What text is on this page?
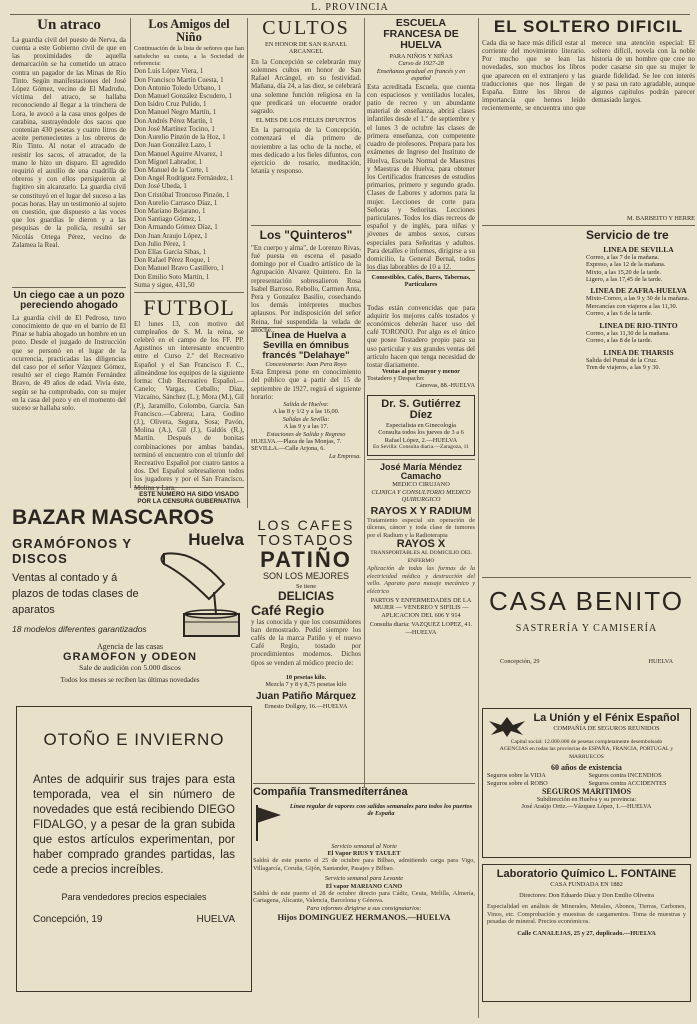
L. PROVINCIA
Un atraco
La guardia civil del puesto de Nerva, da cuenta a este Gobierno civil de que en las proximidades de aquella demarcación se ha cometido un atraco contra un pagador de las Minas de Río Tinto. Según manifestaciones del José López Gómez, vecino de El Madroño, víctima del atraco, se hallaba reconociendo al llegar a la trinchera de Lora, le avocó a la casa unos golpes de carabina, sustrayéndole dos sacos que contenían 430 pesetas y cuatro litros de aceite pertenecientes a los obreros de Río Tinto. Al notar el atracado de resistir los sacos, el atracador, de la mano le hizo un disparo. El agredido requirió el auxilio de una cuadrilla de obreros y con ellos persiguieron al fugitivo sin alcanzarlo. La guardia civil se constituyó en el lugar del suceso a las pocas horas. Hay un testimonio al sujeto en cuestión, que dispuesto a las voces que los guardias le dieron y a las pesquisas de la policía, resultó ser Nicolás Ortega Pérez, vecino de Zalamea la Real.
Un ciego cae a un pozo pereciendo ahogado
La guardia civil de El Pedroso, tuvo conocimiento de que en el barrio de El Pinar se había ahogado un hombre en un pozo. Desde el juzgado de Instrucción que se personó en el lugar de la ocurrencia, practicadas las diligencias del caso por el señor Vázquez Gómez, resultó ser el ciego Ramón Fernández Bravo, de 49 años de edad. Vivía éste, según se ha comprobado, con su mujer en la casa del pozo y en el momento del suceso se hallaba solo.
Los Amigos del Niño
Continuación de la lista de señores que han satisfecho su cuota, a la Sociedad de referencia:
Don Luis López Viera, 1
Don Francisco Martín Cuesta, 1
Don Antonio Toledo Urbano, 1
Don Manuel González Escudero, 1
Don Isidro Cruz Pulido, 1
Don Manuel Negro Martín, 1
Don Andrés Pérez Martín, 1
Don José Martínez Tocino, 1
Don Aurelio Pinzón de la Hoz, 1
Don Juan González Lazo, 1
Don Manuel Aguirre Alvarez, 1
Don Miguel Labrador, 1
Don Manuel de la Corte, 1
Don Angel Rodríguez Fernández, 1
Don José Ubeda, 1
Don Cristóbal Troncoso Pinzón, 1
Don Aurelio Carrasco Díaz, 1
Don Mariano Bejarano, 1
Don Santiago Gómez, 1
Don Armando Gómez Díaz, 1
Don Juan Araujo López, 1
Don Julio Pérez, 1
Don Elías García Sibas, 1
Don Rafael Pérez Roque, 1
Don Manuel Bravo Castillero, 1
Don Emilio Soto Martín, 1
Suma y sigue, 431,50
FUTBOL
El lunes 13, con motivo del cumpleaños de S. M. la reina, se celebró en el campo de los FF. PP. Agustinos un interesante encuentro entre el Curso 2.º del Recreativo Español y el San Francisco F. C., alineándose los equipos de la siguiente forma: Club Recreativo Español.—Canelo; Vargas, Ceballo; Díaz, Vizcaíno, Sánchez (L.); Mora (M.), Gil (P.), Jaramillo, Colombo, García. San Francisco.—Cabrera; Lara, Godino (J.), Olivera, Segura, Sosa; Pavón, Molina (A.), Gil (J.), Galdós (R.), Martín. Después de bonitas combinaciones por ambas bandas, terminó el encuentro con el triunfo del Recreativo Español por cuatro tantos a dos. Del Español sobresalieron todos los jugadores y por el San Francisco, Molina y Lara.
ESTE NUMERO HA SIDO VISADO POR LA CENSURA GUBERNATIVA
BAZAR MASCAROS
Huelva
GRAMÓFONOS Y DISCOS
Ventas al contado y á plazos de todas clases de aparatos
18 modelos diferentes garantizados
Agencia de las casas
GRAMOFON y ODEON
Sale de audición con 5.000 discos
Todos los meses se reciben las últimas novedades
CULTOS
EN HONOR DE SAN RAFAEL ARCANGEL
En la Concepción se celebrarán muy solemnes cultos en honor de San Rafael Arcángel, en su festividad. Mañana, día 24, a las diez, se celebrará una solemne función religiosa en la que predicará un elocuente orador sagrado.
EL MES DE LOS FIELES DIFUNTOS
En la parroquia de la Concepción, comenzará el día primero de noviembre a las ocho de la noche, el mes dedicado a los fieles difuntos, con ejercicio de rosario, meditación, letanía y responso.
Los "Quinteros"
"En cuerpo y alma", de Lorenzo Rivas, fué puesta en escena el pasado domingo por el Cuadro artístico de la Agrupación Alvarez Quintero. En la representación sobresalieron Rosa Isabel Barroso, Rebollo, Carmen Anta, Pera y Gonzalez Basilio, cosechando los demás intérpretes muchos aplausos. Por indisposición del señor Reina, fué suspendida la velada de anoche.
Línea de Huelva a Sevilla en ómnibus francés "Delahaye"
Concesionario: Juan Pera Royo
Esta Empresa pone en conocimiento del público que a partir del 15 de septiembre de 1927, regirá el siguiente horario:
Salida de Huelva:
A las 8 y 1/2 y a las 16,00.
Salidas de Sevilla:
A las 9 y a las 17.
Estaciones de Salida y Regreso
HUELVA.—Plaza de las Monjas, 7.
SEVILLA.—Calle Arjona, 6.
La Empresa.
LOS CAFES
TOSTADOS
PATIÑO
SON LOS MEJORES
Se tiene
DELICIAS
Café Regio
y las conocida y que los consumidores han demostrado. Pedid siempre los cafés de la marca Patiño y el nuevo Café Regio, tostado por procedimientos modernos. Dichos tipos se venden al módico precio de:
10 pesetas kilo.
Mezcla 7 y 8 y 8,75 pesetas kilo
Juan Patiño Márquez
Ernesto Dollgny, 16.—HUELVA
ESCUELA FRANCESA DE HUELVA
PARA NIÑOS Y NIÑAS
Curso de 1927-28
Enseñanza gradual en francés y en español
Esta acreditada Escuela, que cuenta con espaciosos y ventilados locales, patio de recreo y un abundante material de enseñanza, abrirá clases infantiles desde el 1.º de septiembre y el lunes 3 de octubre las clases de primera enseñanza, con competente cuadro de profesores. Prepara para los exámenes de Ingreso del Instituto de Huelva, Escuela Normal de Maestros y Maestras de Huelva, para obtener los Certificados franceses de estudios primarios, primero y segundo grado. Clases de Labores y adornos para la mujer. Lecciones de corte para Señoras y Señoritas. Lecciones particulares. Todos los días recreos de español y de inglés, para niñas y jóvenes de ambos sexos, cursos especiales para Señoritas y adultos. Para detalles e informes, dirigirse a su domicilio, la General Bernal, todos los días laborables de 10 a 12.
Comestibles, Cafés, Bares, Tabernas, Particulares
Todas están convencidas que para adquirir los mejores cafés tostados y económicos deberán hacer uso del café TORONJO. Por algo es el único que posee Tostadero propio para su uso particular y sus grandes ventas del artículo hacen que tenga necesidad de tostar diariamente.
Ventas al por mayor y menor
Tostadero y Despacho:
Cánovas, 88.-HUELVA
Dr. S. Gutiérrez Díez
Especialista en Ginecología
Consulta todos los jueves de 3 a 6
Rafael López, 2.—HUELVA
En Sevilla: Consulta diaria.—Zaragoza, 11
José María Méndez Camacho
MEDICO CIRUJANO
CLINICA Y CONSULTORIO MEDICO QUIRURGICO
RAYOS X Y RADIUM
Tratamiento especial sin operación de úlceras, cáncer y toda clase de tumores por el Radium y la Radioterapia
RAYOS X
TRANSPORTABLES AL DOMICILIO DEL ENFERMO
Aplicación de todas las formas de la electricidad médica y destrucción del vello. Aparato para masaje mecánico y eléctrico
PARTOS Y ENFERMEDADES DE LA MUJER — VENEREO Y SIFILIS — APLICACION DEL 606 Y 914
Consulta diaria: VAZQUEZ LOPEZ, 41.—HUELVA
EL SOLTERO DIFICIL
Cada día se hace más difícil estar al corriente del movimiento literario. Por mucho que se lean las novedades, son muchos los libros que aparecen en el extranjero y las traducciones que nos llegan de España. Entre los libros de importancia que hemos leído recientemente, se encuentra uno que merece una atención especial: El soltero difícil, novela con la noble historia de un hombre que cree no poder casarse sin que su mujer le guarde fidelidad. Se lee con interés y se pasa un rato agradable, aunque algunos capítulos podrán parecer demasiado largos.
M. BARBEITO Y HERRE
Servicio de tre
LINEA DE SEVILLA
Correo, a las 7 de la mañana.
Expreso, a las 12 de la mañana.
Mixto, a las 15,20 de la tarde.
Ligero, a las 17,45 de la tarde.
LINEA DE ZAFRA-HUELVA
Mixto-Correo, a las 9 y 30 de la mañana.
Mercancías con viajeros a las 11,30.
Correo, a las 6 de la tarde.
LINEA DE RIO-TINTO
Correo, a las 11,30 de la mañana.
Correo, a las 8 de la tarde.
LINEA DE THARSIS
Salida del Puntal de la Cruz.
Tren de viajeros, a las 9 y 30.
CASA BENITO
SASTRERÍA Y CAMISERÍA
Concepción, 29	HUELVA
La Unión y el Fénix Español
COMPAÑÍA DE SEGUROS REUNIDOS
Capital social: 12.000.000 de pesetas completamente desembolsado
AGENCIAS en todas las provincias de ESPAÑA, FRANCIA, PORTUGAL y MARRUECOS
60 años de existencia
Seguros sobre la VIDA	Seguros contra INCENDIOS
Seguros sobre el ROBO	Seguros contra ACCIDENTES
SEGUROS MARITIMOS
Subdirección en Huelva y su provincia:
José Araújo Ortiz.—Vázquez López, 1.—HUELVA
Laboratorio Químico L. FONTAINE
CASA FUNDADA EN 1882
Directores: Don Eduardo Díaz y Don Emilio Oliveira
Especialidad en análisis de Minerales, Metales, Abonos, Tierras, Carbones, Vinos, etc. Comprobación y muestras de cargamentos. Toma de muestras y pesadas de mineral. Precios económicos.
Calle CANALEJAS, 25 y 27, duplicado.—HUELVA
OTOÑO E INVIERNO
Antes de adquirir sus trajes para esta temporada, vea el sin número de novedades que está recibiendo DIEGO FIDALGO, y a pesar de la gran subida que estos artículos experimentan, por haber comprado grandes partidas, las cede a precios increíbles.
Para vendedores precios especiales
Concepción, 19	HUELVA
Compañía Transmediterránea
Línea regular de vapores con salidas semanales para todos los puertos de España
Servicio semanal al Norte
El Vapor RIUS Y TAULET
Saldrá de este puerto el 25 de octubre para Bilbao, admitiendo carga para Vigo, Villagarcía, Coruña, Gijón, Santander, Pasajes y Bilbao.
Servicio semanal para Levante
El vapor MARIANO CANO
Saldrá de este puerto el 28 de octubre directo para Cádiz, Ceuta, Melilla, Almería, Cartagena, Alicante, Valencia, Barcelona y Génova.
Para informes dirigirse a sus consignatarios:
Hijos DOMINGUEZ HERMANOS.—HUELVA
